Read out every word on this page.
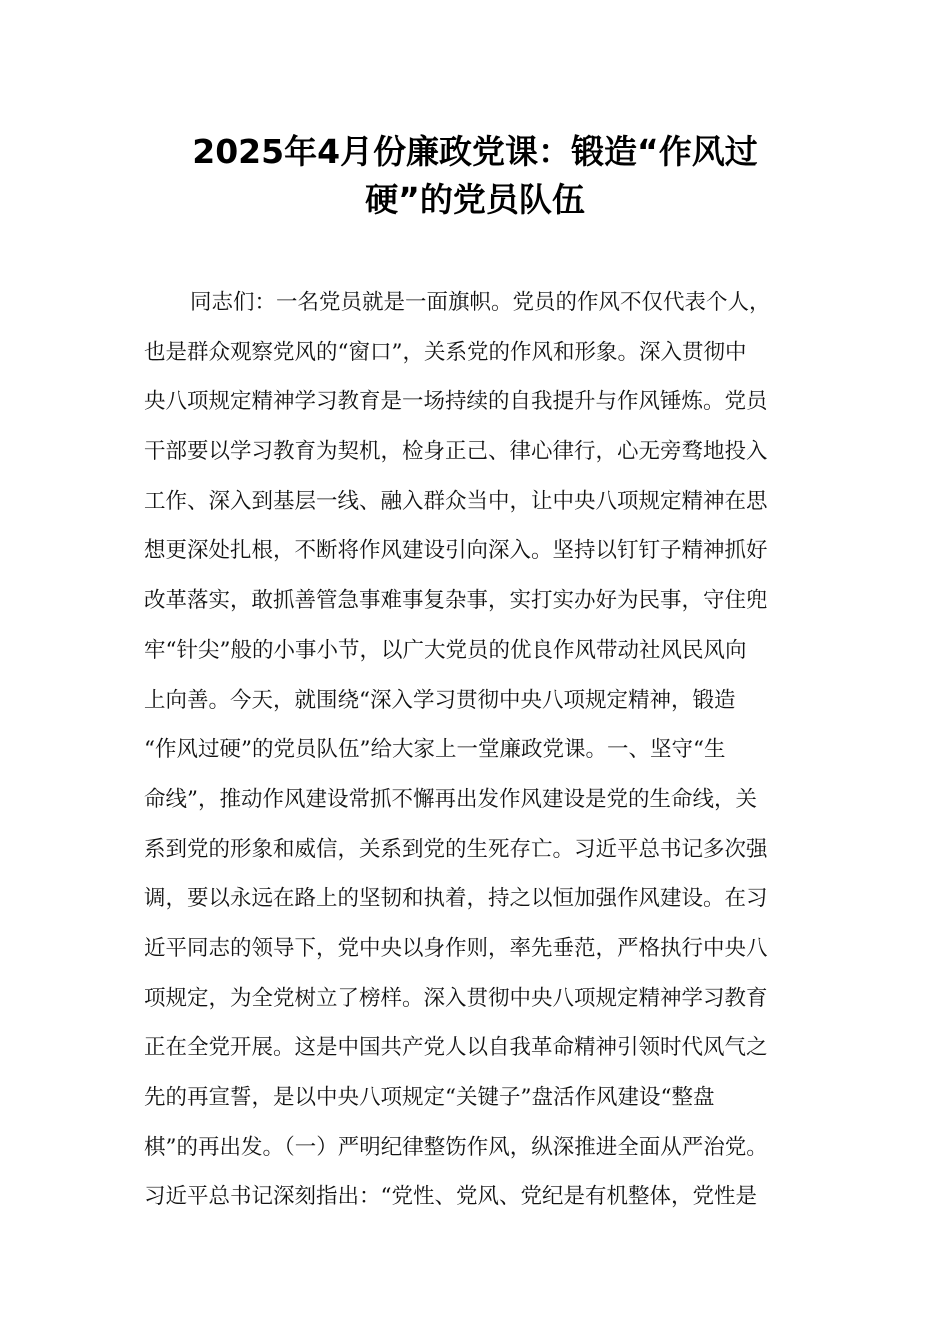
2025年4月份廉政党课：锻造“作风过
硬”的党员队伍
同志们：一名党员就是一面旗帜。党员的作风不仅代表个人，
也是群众观察党风的“窗口”，关系党的作风和形象。深入贯彻中
央八项规定精神学习教育是一场持续的自我提升与作风锤炼。党员
干部要以学习教育为契机，检身正己、律心律行，心无旁骛地投入
工作、深入到基层一线、融入群众当中，让中央八项规定精神在思
想更深处扎根，不断将作风建设引向深入。坚持以钉钉子精神抓好
改革落实，敢抓善管急事难事复杂事，实打实办好为民事，守住兜
牢“针尖”般的小事小节，以广大党员的优良作风带动社风民风向
上向善。今天，就围绕“深入学习贯彻中央八项规定精神，锻造
“作风过硬”的党员队伍”给大家上一堂廉政党课。一、坚守“生
命线”，推动作风建设常抓不懈再出发作风建设是党的生命线，关
系到党的形象和威信，关系到党的生死存亡。习近平总书记多次强
调，要以永远在路上的坚韧和执着，持之以恒加强作风建设。在习
近平同志的领导下，党中央以身作则，率先垂范，严格执行中央八
项规定，为全党树立了榜样。深入贯彻中央八项规定精神学习教育
正在全党开展。这是中国共产党人以自我革命精神引领时代风气之
先的再宣誓，是以中央八项规定“关键子”盘活作风建设“整盘
棋”的再出发。（一）严明纪律整饬作风，纵深推进全面从严治党。
习近平总书记深刻指出：“党性、党风、党纪是有机整体，党性是
